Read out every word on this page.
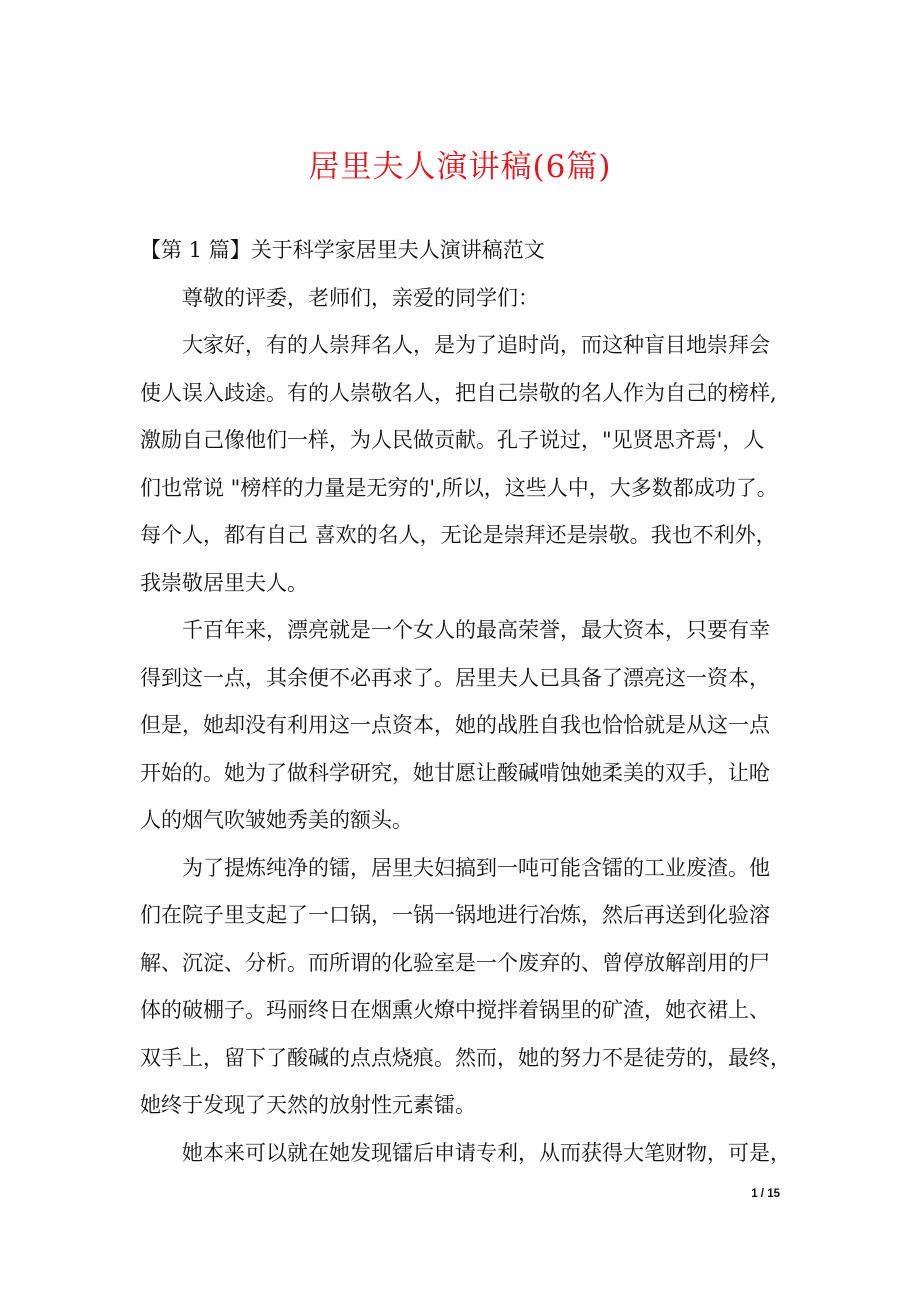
居里夫人演讲稿(6篇)

【第 1 篇】关于科学家居里夫人演讲稿范文

尊敬的评委，老师们，亲爱的同学们：

大家好，有的人崇拜名人，是为了追时尚，而这种盲目地崇拜会
使人误入歧途。有的人崇敬名人，把自己崇敬的名人作为自己的榜样,
激励自己像他们一样，为人民做贡献。孔子说过，"见贤思齐焉'，人
们也常说 "榜样的力量是无穷的',所以，这些人中，大多数都成功了。
每个人，都有自己 喜欢的名人，无论是崇拜还是崇敬。我也不利外，
我崇敬居里夫人。

千百年来，漂亮就是一个女人的最高荣誉，最大资本，只要有幸
得到这一点，其余便不必再求了。居里夫人已具备了漂亮这一资本，
但是，她却没有利用这一点资本，她的战胜自我也恰恰就是从这一点
开始的。她为了做科学研究，她甘愿让酸碱啃蚀她柔美的双手，让呛
人的烟气吹皱她秀美的额头。

为了提炼纯净的镭，居里夫妇搞到一吨可能含镭的工业废渣。他
们在院子里支起了一口锅，一锅一锅地进行冶炼，然后再送到化验溶
解、沉淀、分析。而所谓的化验室是一个废弃的、曾停放解剖用的尸
体的破棚子。玛丽终日在烟熏火燎中搅拌着锅里的矿渣，她衣裙上、
双手上，留下了酸碱的点点烧痕。然而，她的努力不是徒劳的，最终，
她终于发现了天然的放射性元素镭。

她本来可以就在她发现镭后申请专利，从而获得大笔财物，可是，

1 / 15
